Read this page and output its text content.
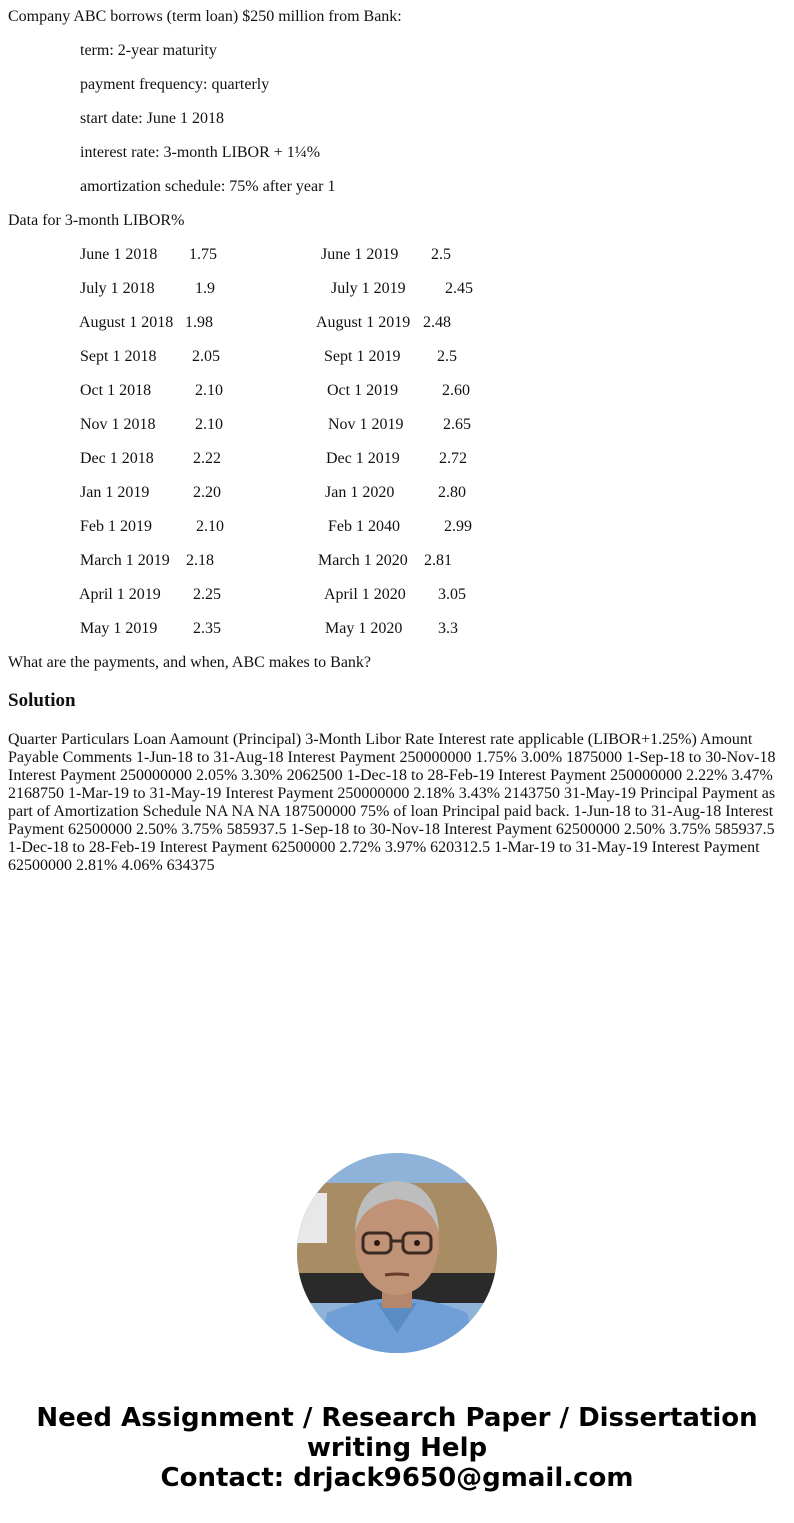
Company ABC borrows (term loan) $250 million from Bank:
term: 2-year maturity
payment frequency: quarterly
start date: June 1 2018
interest rate: 3-month LIBOR + 1¼%
amortization schedule: 75% after year 1
Data for 3-month LIBOR%
June 1 2018 1.75	June 1 2019 2.5
July 1 2018	1.9	July 1 2019 2.45
August 1 2018 1.98	August 1 2019 2.48
Sept 1 2018 2.05	Sept 1 2019 2.5
Oct 1 2018	2.10	Oct 1 2019	2.60
Nov 1 2018 2.10	Nov 1 2019 2.65
Dec 1 2018 2.22	Dec 1 2019 2.72
Jan 1 2019	2.20	Jan 1 2020	2.80
Feb 1 2019	2.10	Feb 1 2040	2.99
March 1 2019 2.18	March 1 2020 2.81
April 1 2019 2.25	April 1 2020 3.05
May 1 2019 2.35	May 1 2020 3.3
What are the payments, and when, ABC makes to Bank?
Solution

Quarter Particulars Loan Aamount (Principal) 3-Month Libor Rate Interest rate applicable (LIBOR+1.25%) Amount Payable Comments 1-Jun-18 to 31-Aug-18 Interest Payment 250000000 1.75% 3.00% 1875000 1-Sep-18 to 30-Nov-18 Interest Payment 250000000 2.05% 3.30% 2062500 1-Dec-18 to 28-Feb-19 Interest Payment 250000000 2.22% 3.47% 2168750 1-Mar-19 to 31-May-19 Interest Payment 250000000 2.18% 3.43% 2143750 31-May-19 Principal Payment as part of Amortization Schedule NA NA NA 187500000 75% of loan Principal paid back. 1-Jun-18 to 31-Aug-18 Interest Payment 62500000 2.50% 3.75% 585937.5 1-Sep-18 to 30-Nov-18 Interest Payment 62500000 2.50% 3.75% 585937.5 1-Dec-18 to 28-Feb-19 Interest Payment 62500000 2.72% 3.97% 620312.5 1-Mar-19 to 31-May-19 Interest Payment 62500000 2.81% 4.06% 634375

Need Assignment / Research Paper / Dissertation
writing Help
Contact: drjack9650@gmail.com
